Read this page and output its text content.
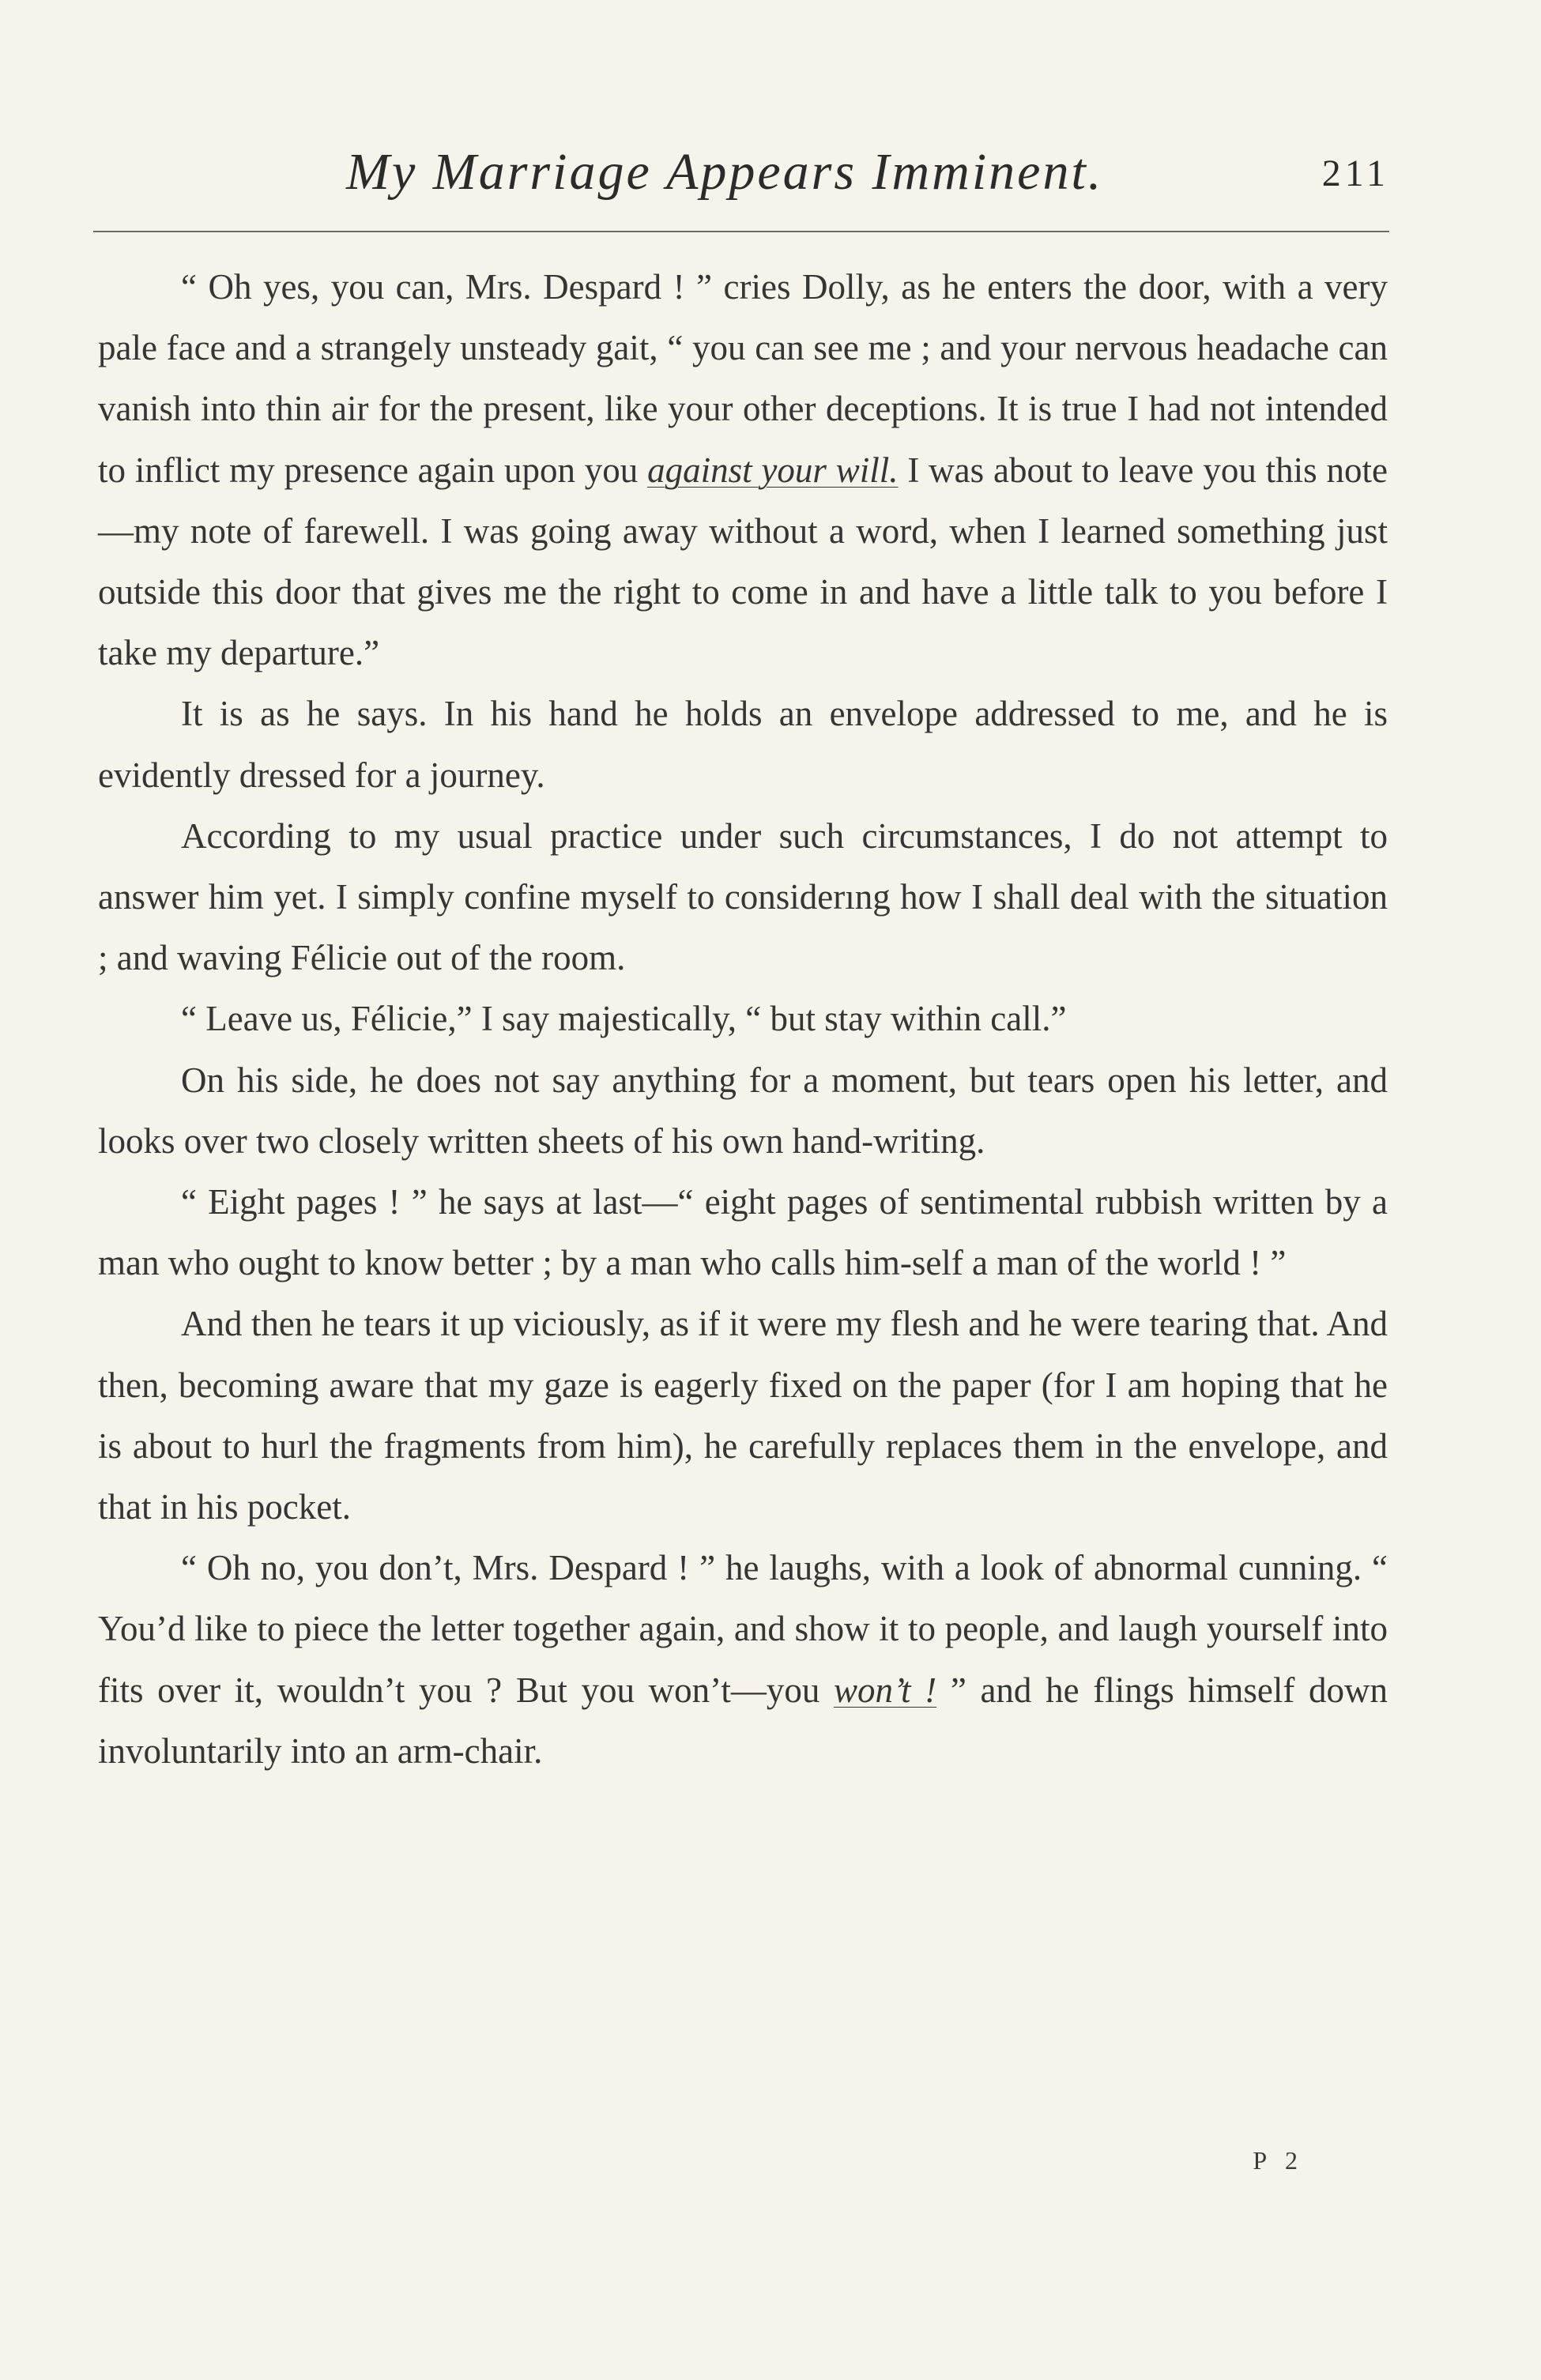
My Marriage Appears Imminent.	211

“ Oh yes, you can, Mrs. Despard ! ” cries Dolly, as he enters the door, with a very pale face and a strangely unsteady gait, “ you can see me ; and your nervous headache can vanish into thin air for the present, like your other deceptions. It is true I had not intended to inflict my presence again upon you against your will. I was about to leave you this note—my note of farewell. I was going away without a word, when I learned something just outside this door that gives me the right to come in and have a little talk to you before I take my departure.”

It is as he says. In his hand he holds an envelope addressed to me, and he is evidently dressed for a journey.

According to my usual practice under such circumstances, I do not attempt to answer him yet. I simply confine myself to considerıng how I shall deal with the situation ; and waving Félicie out of the room.

“ Leave us, Félicie,” I say majestically, “ but stay within call.”

On his side, he does not say anything for a moment, but tears open his letter, and looks over two closely written sheets of his own hand-writing.

“ Eight pages ! ” he says at last—“ eight pages of sentimental rubbish written by a man who ought to know better ; by a man who calls him-self a man of the world ! ”

And then he tears it up viciously, as if it were my flesh and he were tearing that. And then, becoming aware that my gaze is eagerly fixed on the paper (for I am hoping that he is about to hurl the fragments from him), he carefully replaces them in the envelope, and that in his pocket.

“ Oh no, you don’t, Mrs. Despard ! ” he laughs, with a look of abnormal cunning. “ You’d like to piece the letter together again, and show it to people, and laugh yourself into fits over it, wouldn’t you ? But you won’t—you won’t ! ” and he flings himself down involuntarily into an arm-chair.

P 2
